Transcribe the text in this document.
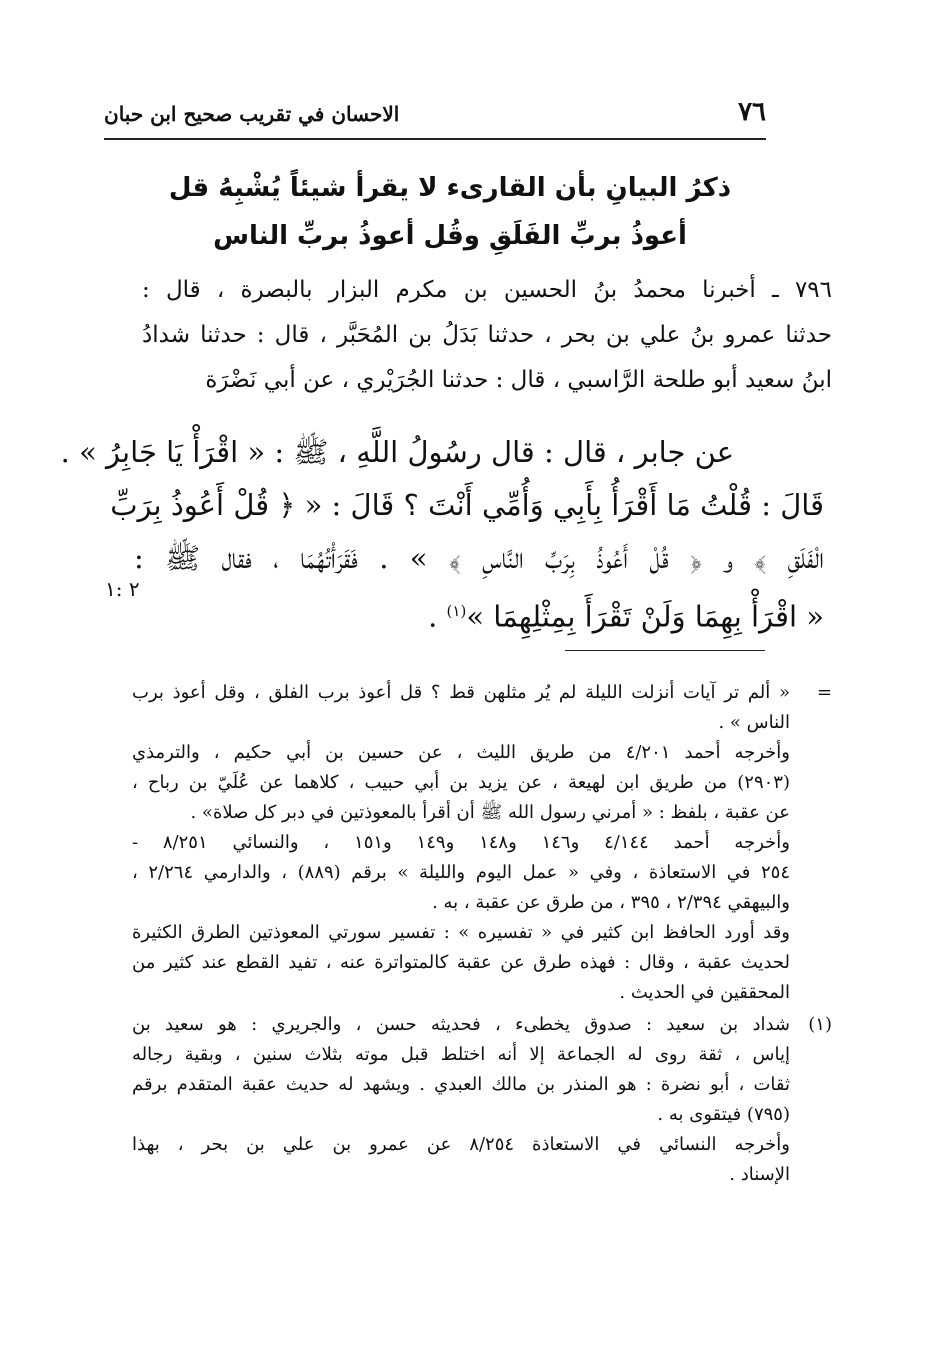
٧٦
الاحسان في تقريب صحيح ابن حبان
ذكرُ البيانِ بأن القارىء لا يقرأ شيئاً يُشْبِهُ قل
أعوذُ بربِّ الفَلَقِ وقُل أعوذُ بربِّ الناس
٧٩٦ ـ أخبرنا محمدُ بنُ الحسين بن مكرم البزار بالبصرة ، قال :
حدثنا عمرو بنُ علي بن بحر ، حدثنا بَدَلُ بن المُحَبَّر ، قال : حدثنا شدادُ
ابنُ سعيد أبو طلحة الرَّاسبي ، قال : حدثنا الجُرَيْري ، عن أبي نَضْرَة
عن جابر ، قال : قال رسُولُ اللَّهِ ، ﷺ : « اقْرَأْ يَا جَابِرُ » .
قَالَ : قُلْتُ مَا أَقْرَأُ بِأَبِي وَأُمِّي أَنْتَ ؟ قَالَ : « ﴿ قُلْ أَعُوذُ بِرَبِّ
الْفَلَقِ ﴾ و ﴿ قُلْ أَعُوذُ بِرَبِّ النَّاسِ ﴾ » . فَقَرَأْتُهُمَا ، فقال ﷺ :
« اقْرَأْ بِهِمَا وَلَنْ تَقْرَأَ بِمِثْلِهِمَا »$^{(١)}$ .
٢ :١
=
« ألم تر آيات أنزلت الليلة لم يُر مثلهن قط ؟ قل أعوذ برب الفلق ، وقل أعوذ برب
الناس » .
وأخرجه أحمد ٤/٢٠١ من طريق الليث ، عن حسين بن أبي حكيم ، والترمذي
(٢٩٠٣) من طريق ابن لهيعة ، عن يزيد بن أبي حبيب ، كلاهما عن عُلَيّ بن رباح ،
عن عقبة ، بلفظ : « أمرني رسول الله ﷺ أن أقرأ بالمعوذتين في دبر كل صلاة» .
وأخرجه أحمد ٤/١٤٤ و١٤٦ و١٤٨ و١٤٩ و١٥١ ، والنسائي ٨/٢٥١ -
٢٥٤ في الاستعاذة ، وفي « عمل اليوم والليلة » برقم (٨٨٩) ، والدارمي ٢/٢٦٤ ،
والبيهقي ٢/٣٩٤ ، ٣٩٥ ، من طرق عن عقبة ، به .
وقد أورد الحافظ ابن كثير في « تفسيره » : تفسير سورتي المعوذتين الطرق الكثيرة
لحديث عقبة ، وقال : فهذه طرق عن عقبة كالمتواترة عنه ، تفيد القطع عند كثير من
المحققين في الحديث .
(١)
شداد بن سعيد : صدوق يخطىء ، فحديثه حسن ، والجريري : هو سعيد بن
إياس ، ثقة روى له الجماعة إلا أنه اختلط قبل موته بثلاث سنين ، وبقية رجاله
ثقات ، أبو نضرة : هو المنذر بن مالك العبدي . ويشهد له حديث عقبة المتقدم برقم
(٧٩٥) فيتقوى به .
وأخرجه النسائي في الاستعاذة ٨/٢٥٤ عن عمرو بن علي بن بحر ، بهذا
الإسناد .
